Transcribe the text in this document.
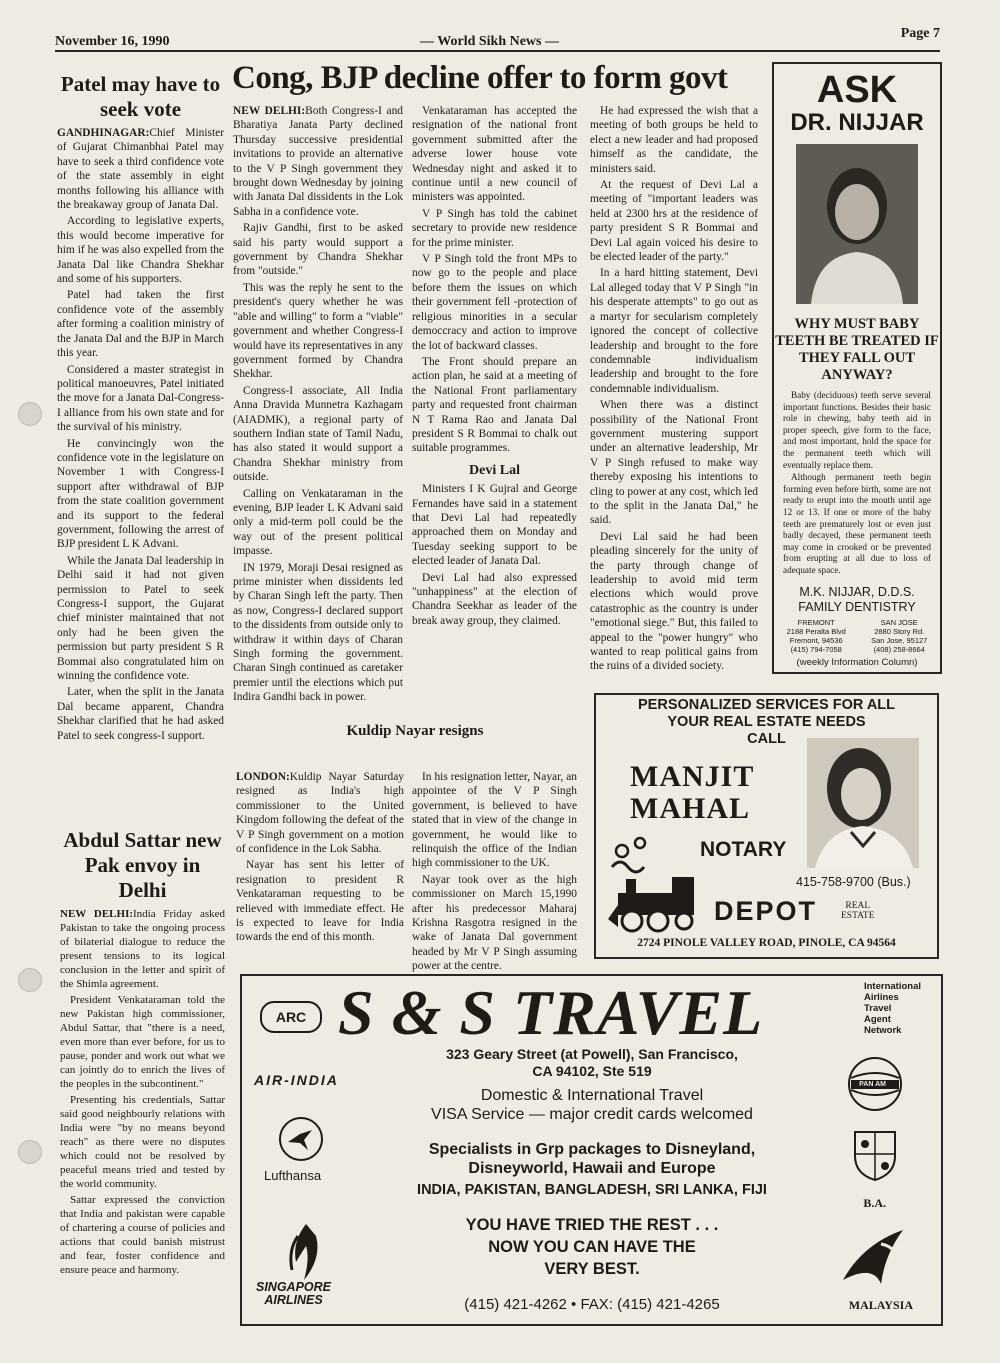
November 16, 1990	— World Sikh News —
Page 7
Patel may have to seek vote

GANDHINAGAR:Chief Minister of Gujarat Chimanbhai Patel may have to seek a third confidence vote of the state assembly in eight months following his alliance with the breakaway group of Janata Dal.

According to legislative experts, this would become imperative for him if he was also expelled from the Janata Dal like Chandra Shekhar and some of his supporters.

Patel had taken the first confidence vote of the assembly after forming a coalition ministry of the Janata Dal and the BJP in March this year.

Considered a master strategist in political manoeuvres, Patel initiated the move for a Janata Dal-Congress-I alliance from his own state and for the survival of his ministry.

He convincingly won the confidence vote in the legislature on November 1 with Congress-I support after withdrawal of BJP from the state coalition government and its support to the federal government, following the arrest of BJP president L K Advani.

While the Janata Dal leadership in Delhi said it had not given permission to Patel to seek Congress-I support, the Gujarat chief minister maintained that not only had he been given the permission but party president S R Bommai also congratulated him on winning the confidence vote.

Later, when the split in the Janata Dal became apparent, Chandra Shekhar clarified that he had asked Patel to seek congress-I support.

Abdul Sattar new Pak envoy in Delhi

NEW DELHI:India Friday asked Pakistan to take the ongoing process of bilaterial dialogue to reduce the present tensions to its logical conclusion in the letter and spirit of the Shimla agreement.

President Venkataraman told the new Pakistan high commissioner, Abdul Sattar, that "there is a need, even more than ever before, for us to pause, ponder and work out what we can jointly do to enrich the lives of the peoples in the subcontinent."

Presenting his credentials, Sattar said good neighbourly relations with India were "by no means beyond reach" as there were no disputes which could not be resolved by peaceful means tried and tested by the world community.

Sattar expressed the conviction that India and pakistan were capable of chartering a course of policies and actions that could banish mistrust and fear, foster confidence and ensure peace and harmony.

Cong, BJP decline offer to form govt

NEW DELHI:Both Congress-I and Bharatiya Janata Party declined Thursday successive presidential invitations to provide an alternative to the V P Singh government they brought down Wednesday by joining with Janata Dal dissidents in the Lok Sabha in a confidence vote.

Rajiv Gandhi, first to be asked said his party would support a government by Chandra Shekhar from "outside."

This was the reply he sent to the president's query whether he was "able and willing" to form a "viable" government and whether Congress-I would have its representatives in any government formed by Chandra Shekhar.

Congress-I associate, All India Anna Dravida Munnetra Kazhagam (AIADMK), a regional party of southern Indian state of Tamil Nadu, has also stated it would support a Chandra Shekhar ministry from outside.

Calling on Venkataraman in the evening, BJP leader L K Advani said only a mid-term poll could be the way out of the present political impasse.

IN 1979, Moraji Desai resigned as prime minister when dissidents led by Charan Singh left the party. Then as now, Congress-I declared support to the dissidents from outside only to withdraw it within days of Charan Singh forming the government. Charan Singh continued as caretaker premier until the elections which put Indira Gandhi back in power.

Venkataraman has accepted the resignation of the national front government submitted after the adverse lower house vote Wednesday night and asked it to continue until a new council of ministers was appointed.

V P Singh has told the cabinet secretary to provide new residence for the prime minister.

V P Singh told the front MPs to now go to the people and place before them the issues on which their government fell -protection of religious minorities in a secular democcracy and action to improve the lot of backward classes.

The Front should prepare an action plan, he said at a meeting of the National Front parliamentary party and requested front chairman N T Rama Rao and Janata Dal president S R Bommai to chalk out suitable programmes.

Devi Lal

Ministers I K Gujral and George Fernandes have said in a statement that Devi Lal had repeatedly approached them on Monday and Tuesday seeking support to be elected leader of Janata Dal.

Devi Lal had also expressed "unhappiness" at the election of Chandra Seekhar as leader of the break away group, they claimed.

He had expressed the wish that a meeting of both groups be held to elect a new leader and had proposed himself as the candidate, the ministers said.

At the request of Devi Lal a meeting of "important leaders was held at 2300 hrs at the residence of party president S R Bommai and Devi Lal again voiced his desire to be elected leader of the party."

In a hard hitting statement, Devi Lal alleged today that V P Singh "in his desperate attempts" to go out as a martyr for secularism completely ignored the concept of collective leadership and brought to the fore condemnable individualism leadership and brought to the fore condemnable individualism.

When there was a distinct possibility of the National Front government mustering support under an alternative leadership, Mr V P Singh refused to make way thereby exposing his intentions to cling to power at any cost, which led to the split in the Janata Dal," he said.

Devi Lal said he had been pleading sincerely for the unity of the party through change of leadership to avoid mid term elections which would prove catastrophic as the country is under "emotional siege." But, this failed to appeal to the "power hungry" who wanted to reap political gains from the ruins of a divided society.

Kuldip Nayar resigns

LONDON:Kuldip Nayar Saturday resigned as India's high commissioner to the United Kingdom following the defeat of the V P Singh government on a motion of confidence in the Lok Sabha.

Nayar has sent his letter of resignation to president R Venkataraman requesting to be relieved with immediate effect. He is expected to leave for India towards the end of this month.

In his resignation letter, Nayar, an appointee of the V P Singh government, is believed to have stated that in view of the change in government, he would like to relinquish the office of the Indian high commissioner to the UK.

Nayar took over as the high commissioner on March 15,1990 after his predecessor Maharaj Krishna Rasgotra resigned in the wake of Janata Dal government headed by Mr V P Singh assuming power at the centre.

ASK
DR. NIJJAR
WHY MUST BABY TEETH BE TREATED IF THEY FALL OUT ANYWAY?

Baby (deciduous) teeth serve several important functions. Besides their basic role in chewing, baby teeth aid in proper speech, give form to the face, and most important, hold the space for the permanent teeth which will eventually replace them.

Although permanent teeth begin forming even before birth, some are not ready to erupt into the mouth until age 12 or 13. If one or more of the baby teeth are prematurely lost or even just badly decayed, these permanent teeth may come in crooked or be prevented from erupting at all due to loss of adequate space.

M.K. NIJJAR, D.D.S.
FAMILY DENTISTRY
FREMONT
2188 Peralta Blvd
Fremont, 94536
(415) 794-7058
SAN JOSE
2880 Story Rd.
San Jose, 95127
(408) 258-8664
(weekly Information Column)
PERSONALIZED SERVICES FOR ALL
YOUR REAL ESTATE NEEDS
CALL
MANJIT
MAHAL
NOTARY
415-758-9700 (Bus.)
DEPOT	REAL
ESTATE
2724 PINOLE VALLEY ROAD, PINOLE, CA 94564
ARC S & S TRAVEL	International
Airlines
Travel
Agent
Network
323 Geary Street (at Powell), San Francisco,
CA 94102, Ste 519
AIR-INDIA
Domestic & International Travel
VISA Service — major credit cards welcomed
Specialists in Grp packages to Disneyland,
Disneyworld, Hawaii and Europe
INDIA, PAKISTAN, BANGLADESH, SRI LANKA, FIJI
Lufthansa
PAN AM
B.A.
YOU HAVE TRIED THE REST . . .
NOW YOU CAN HAVE THE
VERY BEST.
SINGAPORE
AIRLINES	(415) 421-4262 • FAX: (415) 421-4265	MALAYSIA
